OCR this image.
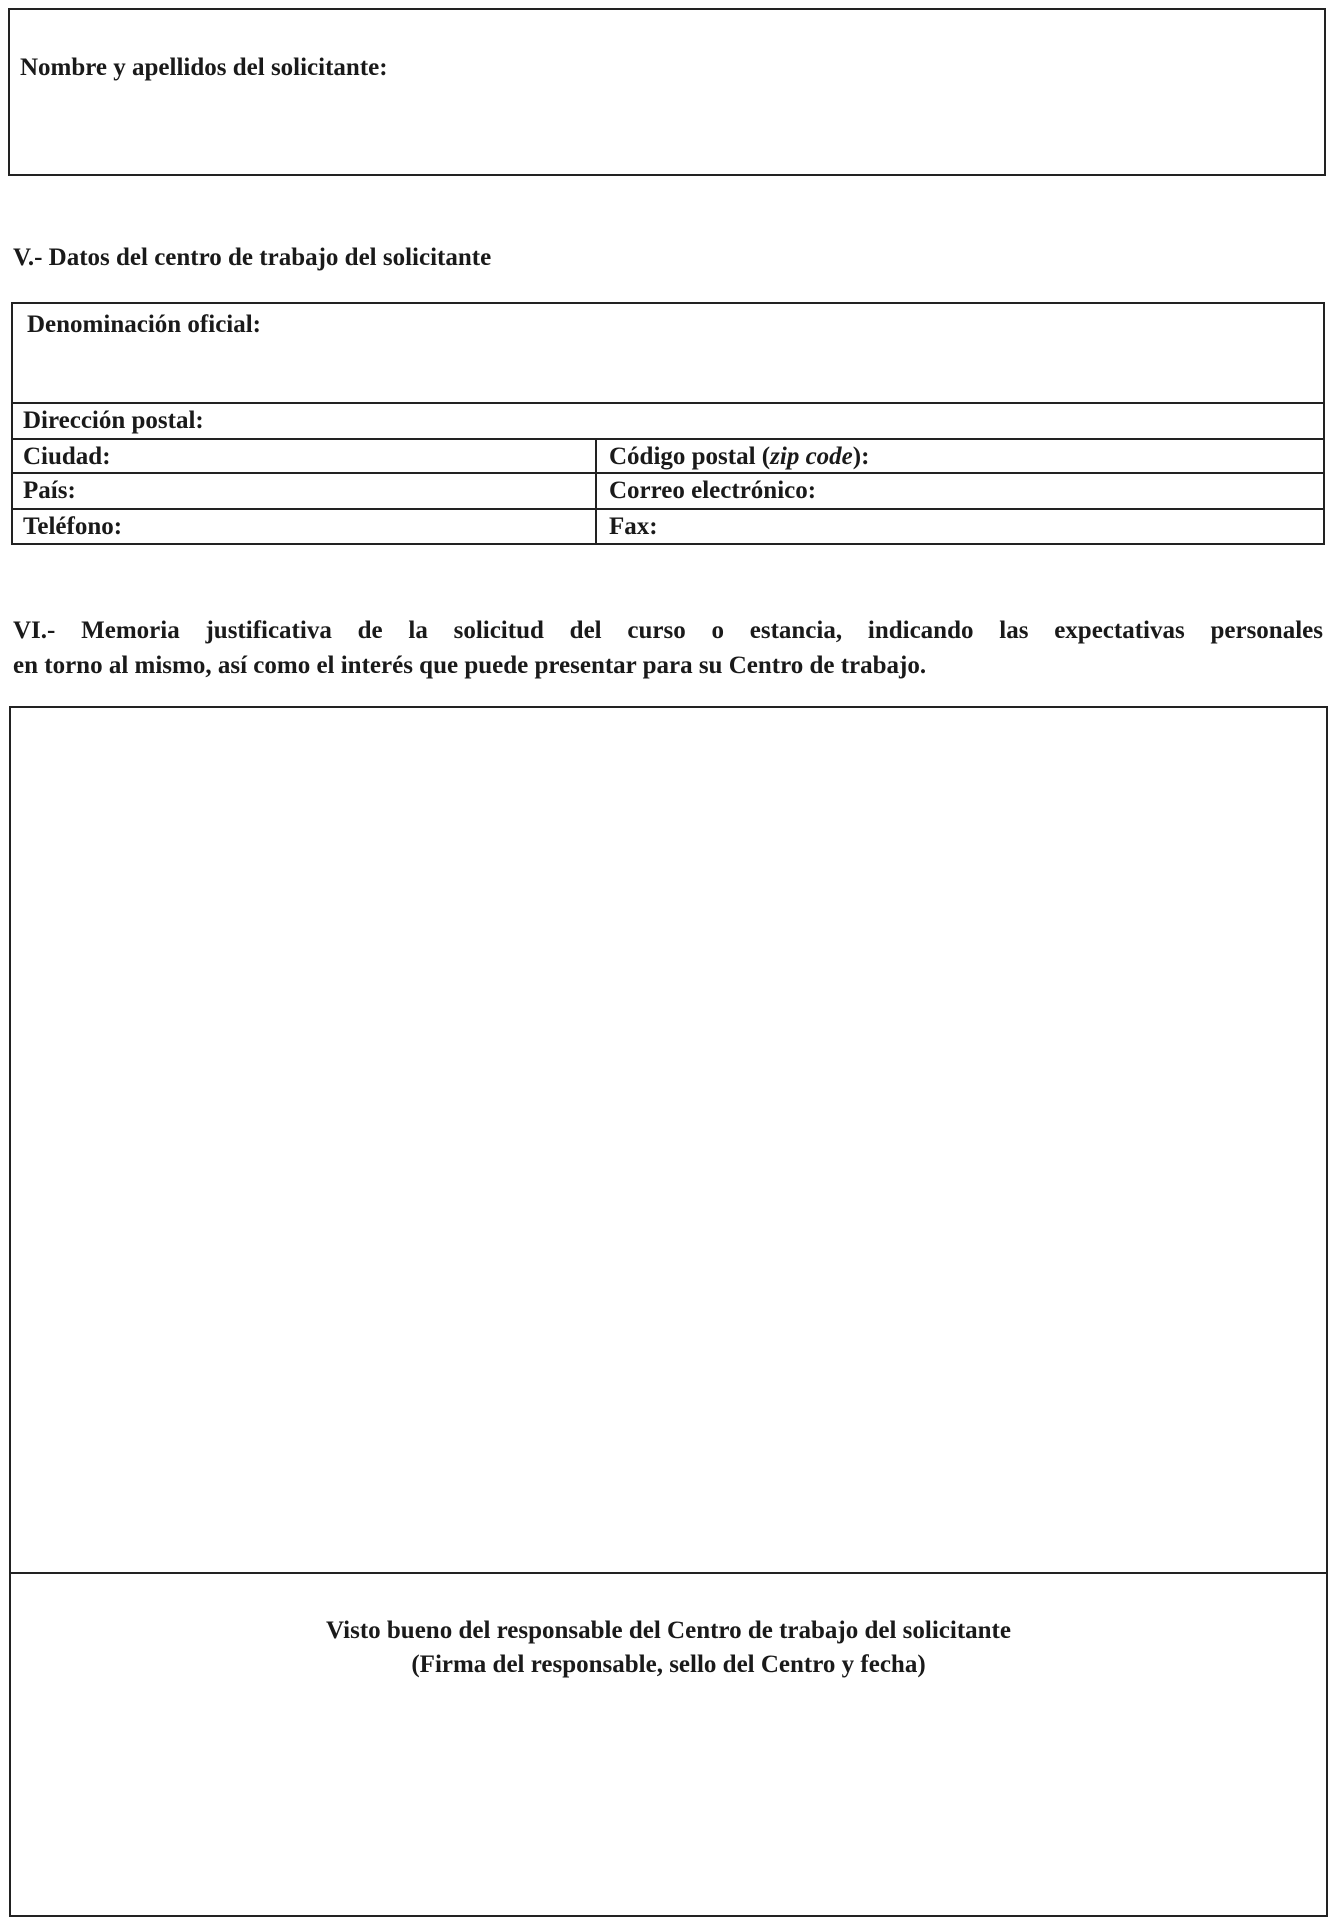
Nombre y apellidos del solicitante:
V.- Datos del centro de trabajo del solicitante
Denominación oficial:
Dirección postal:
Ciudad:	Código postal (zip code):
País:	Correo electrónico:
Teléfono:	Fax:
VI.- Memoria justificativa de la solicitud del curso o estancia, indicando las expectativas personales
en torno al mismo, así como el interés que puede presentar para su Centro de trabajo.
Visto bueno del responsable del Centro de trabajo del solicitante
(Firma del responsable, sello del Centro y fecha)
